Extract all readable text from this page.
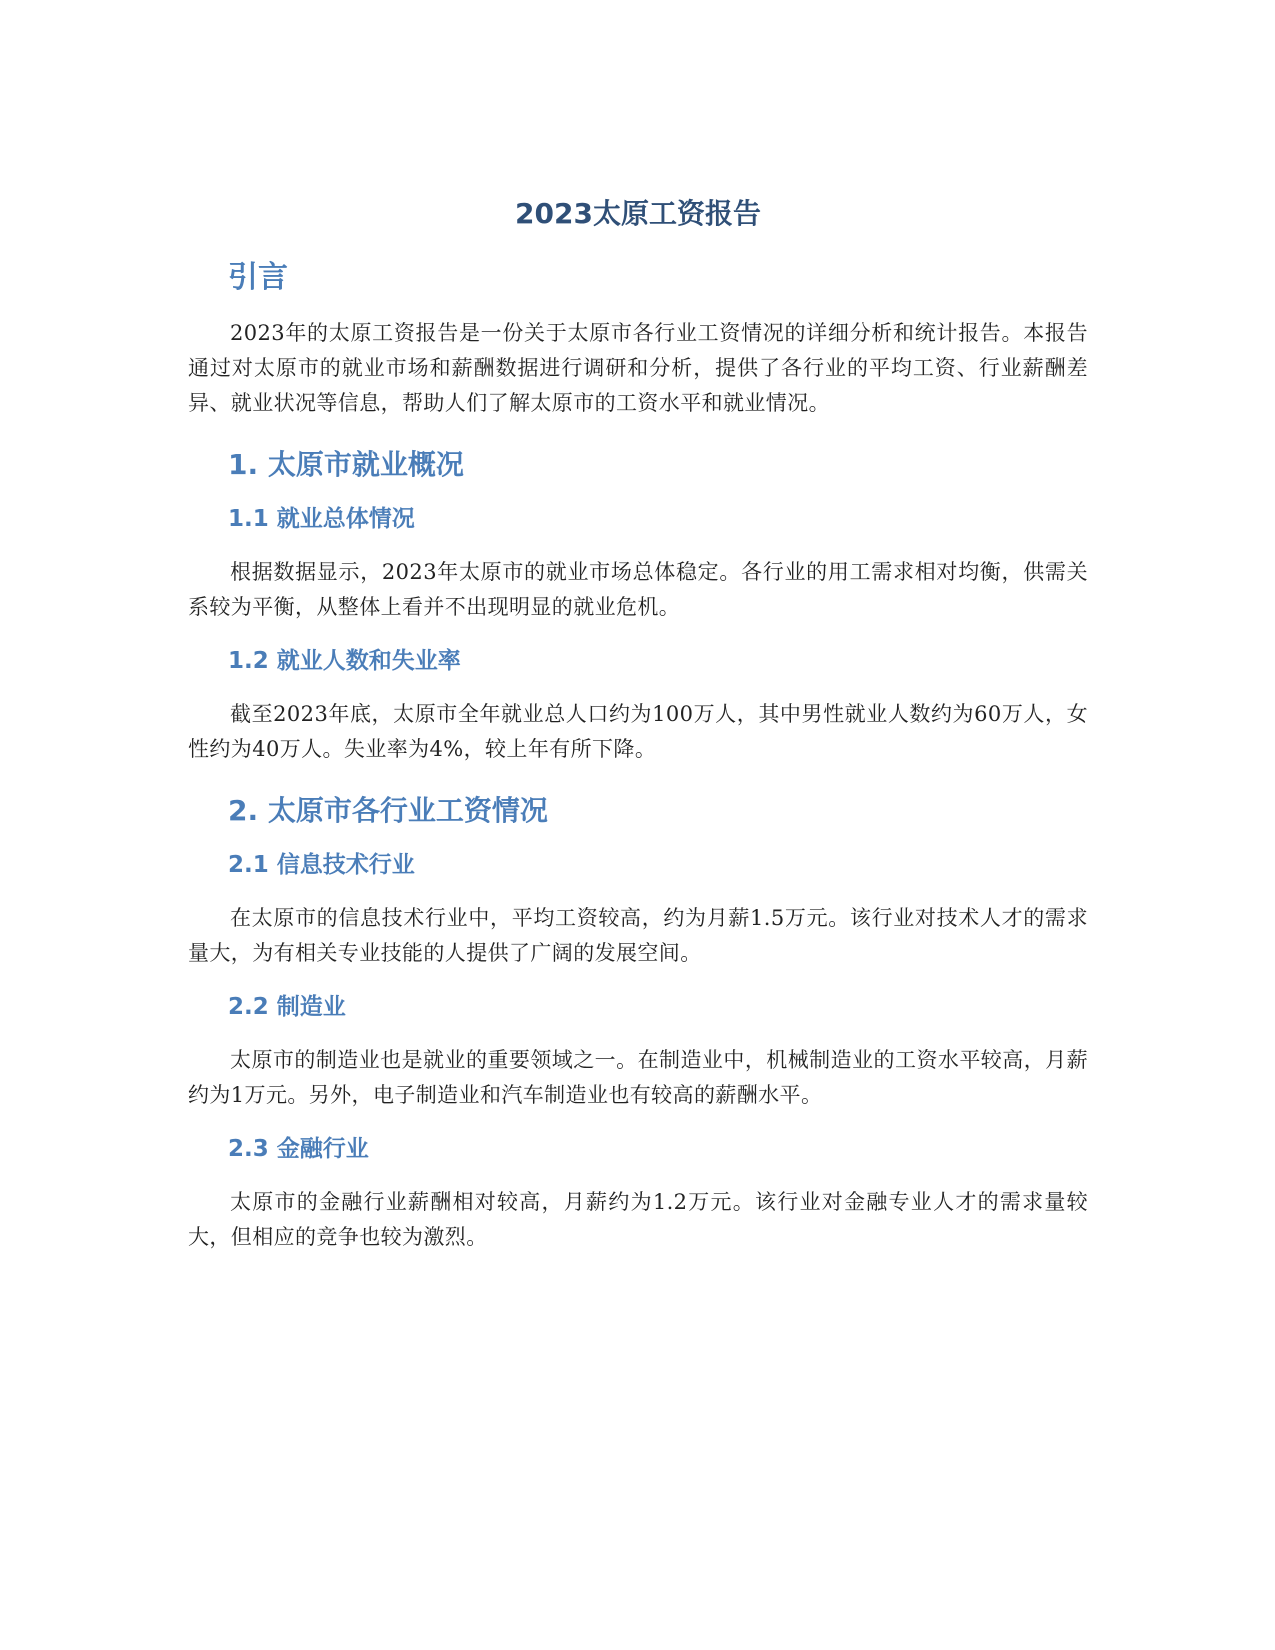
2023太原工资报告
引言

2023年的太原工资报告是一份关于太原市各行业工资情况的详细分析和统计报告。本报告通过对太原市的就业市场和薪酬数据进行调研和分析，提供了各行业的平均工资、行业薪酬差异、就业状况等信息，帮助人们了解太原市的工资水平和就业情况。

1. 太原市就业概况
1.1 就业总体情况

根据数据显示，2023年太原市的就业市场总体稳定。各行业的用工需求相对均衡，供需关系较为平衡，从整体上看并不出现明显的就业危机。

1.2 就业人数和失业率

截至2023年底，太原市全年就业总人口约为100万人，其中男性就业人数约为60万人，女性约为40万人。失业率为4%，较上年有所下降。

2. 太原市各行业工资情况
2.1 信息技术行业

在太原市的信息技术行业中，平均工资较高，约为月薪1.5万元。该行业对技术人才的需求量大，为有相关专业技能的人提供了广阔的发展空间。

2.2 制造业

太原市的制造业也是就业的重要领域之一。在制造业中，机械制造业的工资水平较高，月薪约为1万元。另外，电子制造业和汽车制造业也有较高的薪酬水平。

2.3 金融行业

太原市的金融行业薪酬相对较高，月薪约为1.2万元。该行业对金融专业人才的需求量较大，但相应的竞争也较为激烈。
